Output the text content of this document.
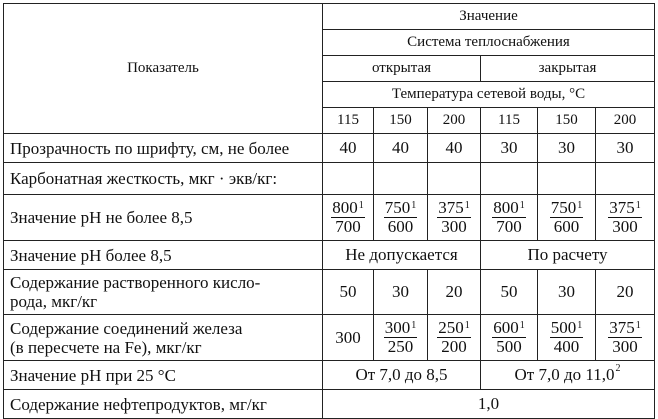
Показатель	Значение					
	Система теплоснабжения					
	открытая			закрытая		
	Температура сетевой воды, °С					
	115	150	200	115	150	200
Прозрачность по шрифту, см, не более	40	40	40	30	30	30
Карбонатная жесткость, мкг · экв/кг:						
Значение рН не более 8,5	$\frac{800^1}{700}$	$\frac{750^1}{600}$	$\frac{375^1}{300}$	$\frac{800^1}{700}$	$\frac{750^1}{600}$	$\frac{375^1}{300}$

Значение рН более 8,5	Не допускается			По расчету		
Содержание растворенного кисло-
рода, мкг/кг	50	30	20	50	30	20
Содержание соединений железа
(в пересчете на Fe), мкг/кг	300	$\frac{300^1}{250}$	$\frac{250^1}{200}$	$\frac{600^1}{500}$	$\frac{500^1}{400}$	$\frac{375^1}{300}$

Значение рН при 25 °С	От 7,0 до 8,5			От 7,0 до 11,0$^2$
Содержание нефтепродуктов, мг/кг	1,0					
